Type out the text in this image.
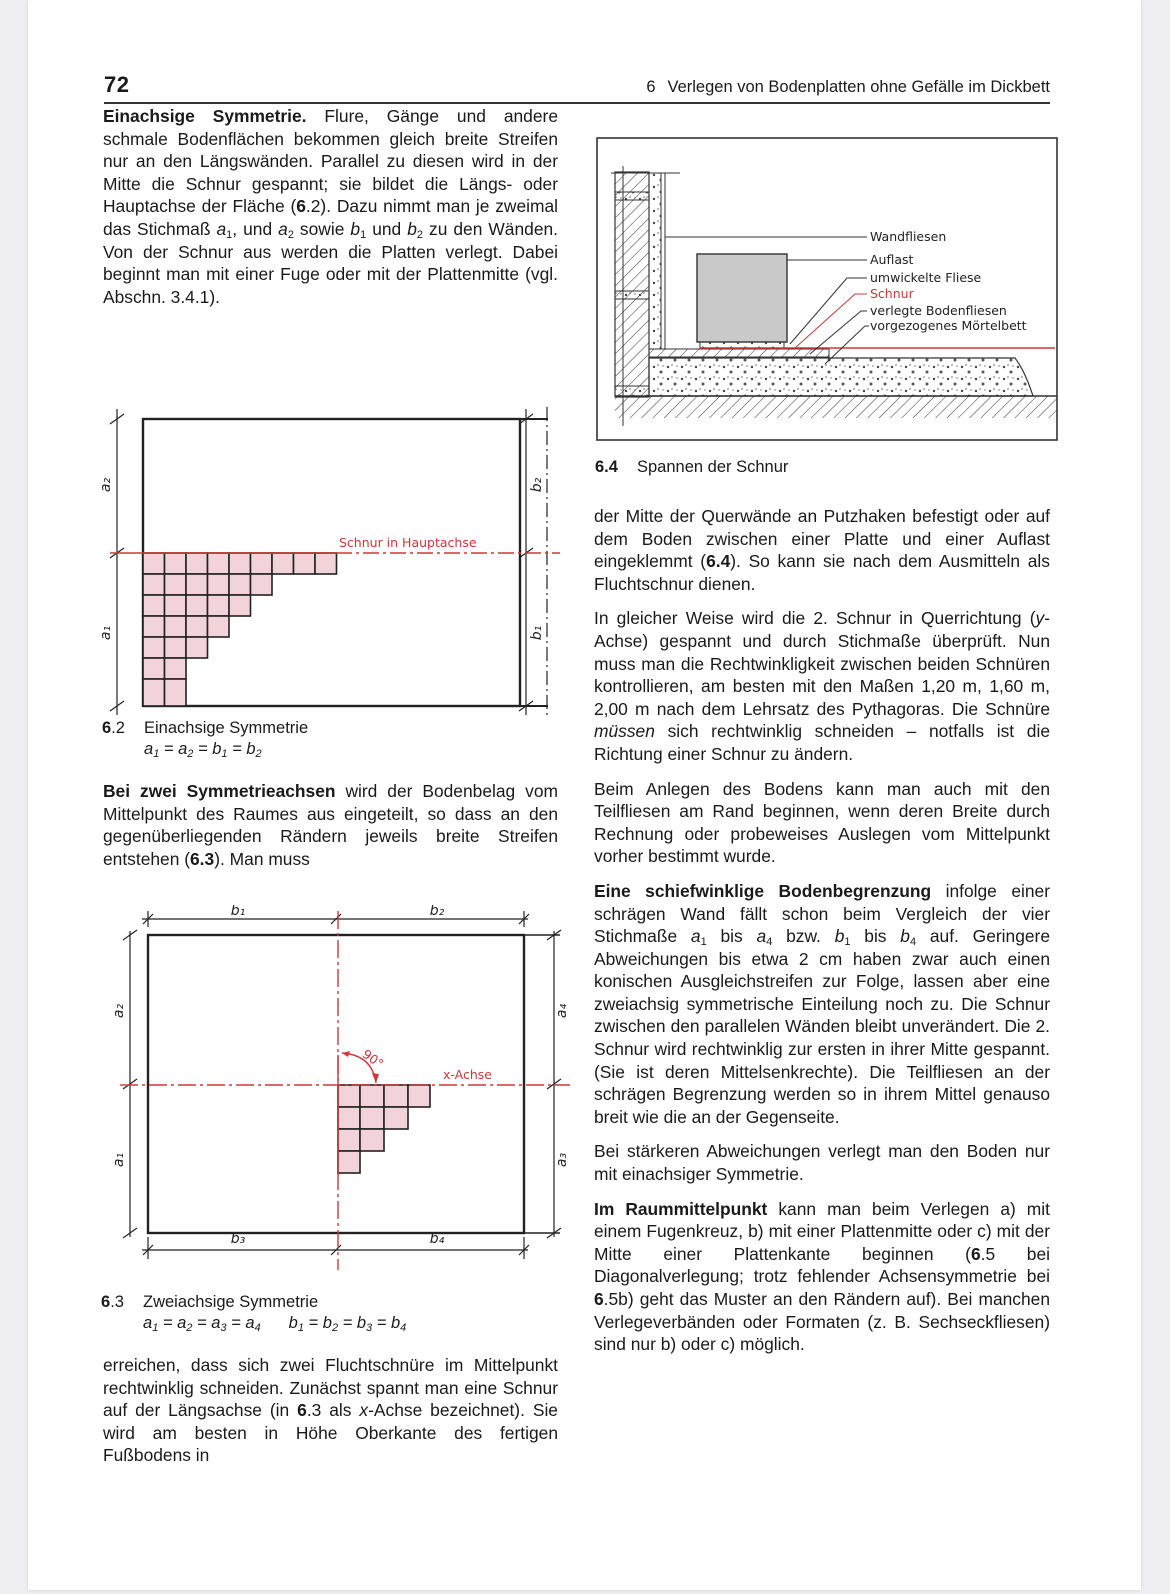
72	6 Verlegen von Bodenplatten ohne Gefälle im Dickbett

Einachsige Symmetrie. Flure, Gänge und andere schmale Bodenflächen bekommen gleich breite Streifen nur an den Längswänden. Parallel zu diesen wird in der Mitte die Schnur gespannt; sie bildet die Längs- oder Hauptachse der Fläche (6.2). Dazu nimmt man je zweimal das Stichmaß $a_1$, und $a_2$ sowie $b_1$ und $b_2$ zu den Wänden. Von der Schnur aus werden die Platten verlegt. Dabei beginnt man mit einer Fuge oder mit der Plattenmitte (vgl. Abschn. 3.4.1).

Schnur in Hauptachse
a₂
a₁
b₂
b₁
6.2 Einachsige Symmetrie
$a_1 = a_2 = b_1 = b_2$

Bei zwei Symmetrieachsen wird der Bodenbelag vom Mittelpunkt des Raumes aus eingeteilt, so dass an den gegenüberliegenden Rändern jeweils breite Streifen entstehen (6.3). Man muss

90°
x-Achse
b₁	b₂
b₃	b₄
a₂
a₁
a₄
a₃
6.3 Zweiachsige Symmetrie
$a_1 = a_2 = a_3 = a_4$ $b_1 = b_2 = b_3 = b_4$

erreichen, dass sich zwei Fluchtschnüre im Mittelpunkt rechtwinklig schneiden. Zunächst spannt man eine Schnur auf der Längsachse (in 6.3 als x-Achse bezeichnet). Sie wird am besten in Höhe Oberkante des fertigen Fußbodens in

Wandfliesen
Auflast
umwickelte Fliese
Schnur
verlegte Bodenfliesen
vorgezogenes Mörtelbett
6.4 Spannen der Schnur

der Mitte der Querwände an Putzhaken befestigt oder auf dem Boden zwischen einer Platte und einer Auflast eingeklemmt (6.4). So kann sie nach dem Ausmitteln als Fluchtschnur dienen.

In gleicher Weise wird die 2. Schnur in Querrichtung (y-Achse) gespannt und durch Stichmaße überprüft. Nun muss man die Rechtwinkligkeit zwischen beiden Schnüren kontrollieren, am besten mit den Maßen 1,20 m, 1,60 m, 2,00 m nach dem Lehrsatz des Pythagoras. Die Schnüre müssen sich rechtwinklig schneiden – notfalls ist die Richtung einer Schnur zu ändern.

Beim Anlegen des Bodens kann man auch mit den Teilfliesen am Rand beginnen, wenn deren Breite durch Rechnung oder probeweises Auslegen vom Mittelpunkt vorher bestimmt wurde.

Eine schiefwinklige Bodenbegrenzung infolge einer schrägen Wand fällt schon beim Vergleich der vier Stichmaße $a_1$ bis $a_4$ bzw. $b_1$ bis $b_4$ auf. Geringere Abweichungen bis etwa 2 cm haben zwar auch einen konischen Ausgleichstreifen zur Folge, lassen aber eine zweiachsig symmetrische Einteilung noch zu. Die Schnur zwischen den parallelen Wänden bleibt unverändert. Die 2. Schnur wird rechtwinklig zur ersten in ihrer Mitte gespannt. (Sie ist deren Mittelsenkrechte). Die Teilfliesen an der schrägen Begrenzung werden so in ihrem Mittel genauso breit wie die an der Gegenseite.

Bei stärkeren Abweichungen verlegt man den Boden nur mit einachsiger Symmetrie.

Im Raummittelpunkt kann man beim Verlegen a) mit einem Fugenkreuz, b) mit einer Plattenmitte oder c) mit der Mitte einer Plattenkante beginnen (6.5 bei Diagonalverlegung; trotz fehlender Achsensymmetrie bei 6.5b) geht das Muster an den Rändern auf). Bei manchen Verlegeverbänden oder Formaten (z. B. Sechseckfliesen) sind nur b) oder c) möglich.
